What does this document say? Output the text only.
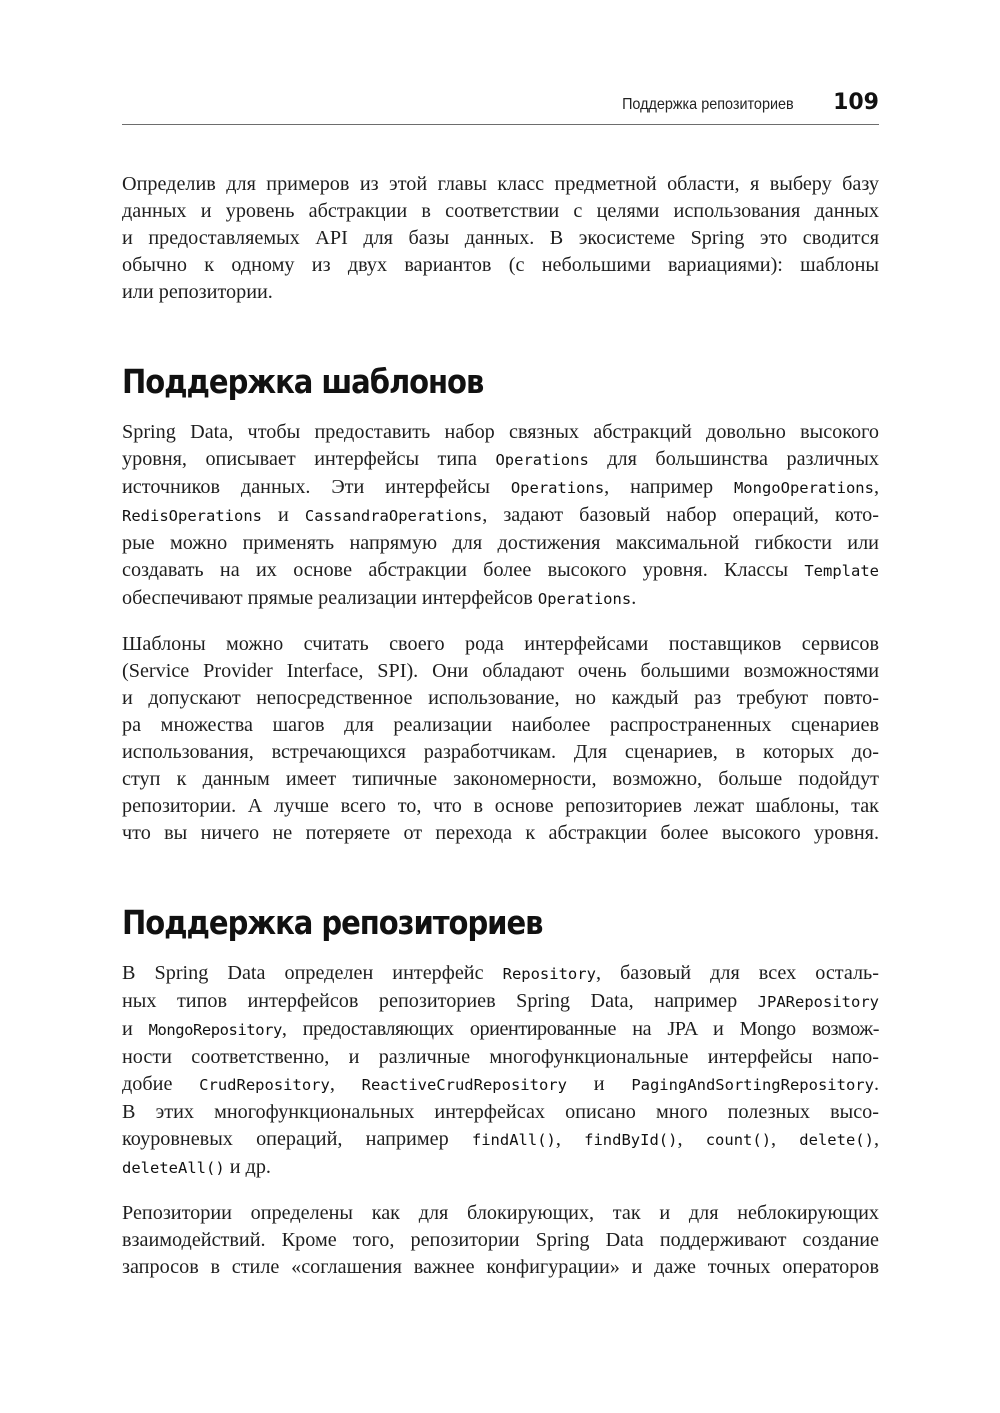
Поддержка репозиториев 109

Определив для примеров из этой главы класс предметной области, я выберу базу
данных и уровень абстракции в соответствии с целями использования данных
и предоставляемых API для базы данных. В экосистеме Spring это сводится
обычно к одному из двух вариантов (с небольшими вариациями): шаблоны
или репозитории.

Поддержка шаблонов

Spring Data, чтобы предоставить набор связных абстракций довольно высокого
уровня, описывает интерфейсы типа Operations для большинства различных
источников данных. Эти интерфейсы Operations, например MongoOperations,
RedisOperations и CassandraOperations, задают базовый набор операций, кото-
рые можно применять напрямую для достижения максимальной гибкости или
создавать на их основе абстракции более высокого уровня. Классы Template
обеспечивают прямые реализации интерфейсов Operations.

Шаблоны можно считать своего рода интерфейсами поставщиков сервисов
(Service Provider Interface, SPI). Они обладают очень большими возможностями
и допускают непосредственное использование, но каждый раз требуют повто-
ра множества шагов для реализации наиболее распространенных сценариев
использования, встречающихся разработчикам. Для сценариев, в которых до-
ступ к данным имеет типичные закономерности, возможно, больше подойдут
репозитории. А лучше всего то, что в основе репозиториев лежат шаблоны, так
что вы ничего не потеряете от перехода к абстракции более высокого уровня.

Поддержка репозиториев

В Spring Data определен интерфейс Repository, базовый для всех осталь-
ных типов интерфейсов репозиториев Spring Data, например JPARepository
и MongoRepository, предоставляющих ориентированные на JPA и Mongo возмож-
ности соответственно, и различные многофункциональные интерфейсы напо-
добие CrudRepository, ReactiveCrudRepository и PagingAndSortingRepository.
В этих многофункциональных интерфейсах описано много полезных высо-
коуровневых операций, например findAll(), findById(), count(), delete(),
deleteAll() и др.

Репозитории определены как для блокирующих, так и для неблокирующих
взаимодействий. Кроме того, репозитории Spring Data поддерживают создание
запросов в стиле «соглашения важнее конфигурации» и даже точных операторов
